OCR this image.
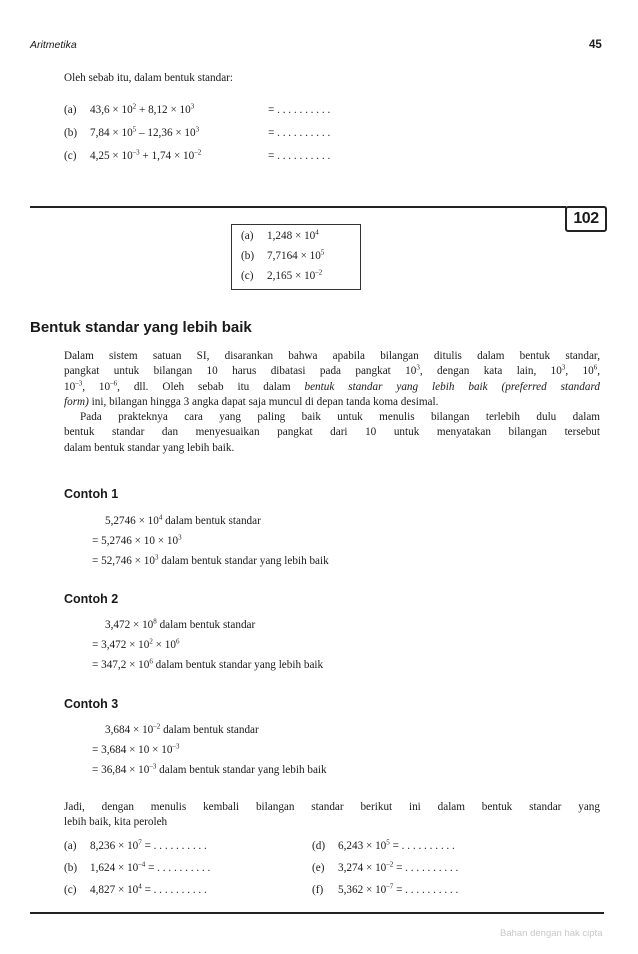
Aritmetika	45
Oleh sebab itu, dalam bentuk standar:
(a) $43,6 \times 10^2 + 8,12 \times 10^3$	= . . . . . . . . . .
(b) $7,84 \times 10^5 - 12,36 \times 10^3$	= . . . . . . . . . .
(c) $4,25 \times 10^{-3} + 1,74 \times 10^{-2}$	= . . . . . . . . . .
102
(a) $1,248 \times 10^4$
(b) $7,7164 \times 10^5$
(c) $2,165 \times 10^{-2}$
Bentuk standar yang lebih baik
Dalam sistem satuan SI, disarankan bahwa apabila bilangan ditulis dalam bentuk standar,
pangkat untuk bilangan 10 harus dibatasi pada pangkat $10^3$, dengan kata lain, $10^3$, $10^6$,
$10^{-3}$, $10^{-6}$, dll. Oleh sebab itu dalam bentuk standar yang lebih baik (preferred standard
form) ini, bilangan hingga 3 angka dapat saja muncul di depan tanda koma desimal.
Pada prakteknya cara yang paling baik untuk menulis bilangan terlebih dulu dalam
bentuk standar dan menyesuaikan pangkat dari 10 untuk menyatakan bilangan tersebut
dalam bentuk standar yang lebih baik.
Contoh 1
$5,2746 \times 10^4$ dalam bentuk standar
= $5,2746 \times 10 \times 10^3$
= $52,746 \times 10^3$ dalam bentuk standar yang lebih baik
Contoh 2
$3,472 \times 10^8$ dalam bentuk standar
= $3,472 \times 10^2 \times 10^6$
= $347,2 \times 10^6$ dalam bentuk standar yang lebih baik
Contoh 3
$3,684 \times 10^{-2}$ dalam bentuk standar
= $3,684 \times 10 \times 10^{-3}$
= $36,84 \times 10^{-3}$ dalam bentuk standar yang lebih baik
Jadi, dengan menulis kembali bilangan standar berikut ini dalam bentuk standar yang
lebih baik, kita peroleh
(a) $8,236 \times 10^7$ = . . . . . . . . . .	(d) $6,243 \times 10^5$ = . . . . . . . . . .
(b) $1,624 \times 10^{-4}$ = . . . . . . . . . .	(e) $3,274 \times 10^{-2}$ = . . . . . . . . . .
(c) $4,827 \times 10^4$ = . . . . . . . . . .	(f) $5,362 \times 10^{-7}$ = . . . . . . . . . .
Bahan dengan hak cipta
